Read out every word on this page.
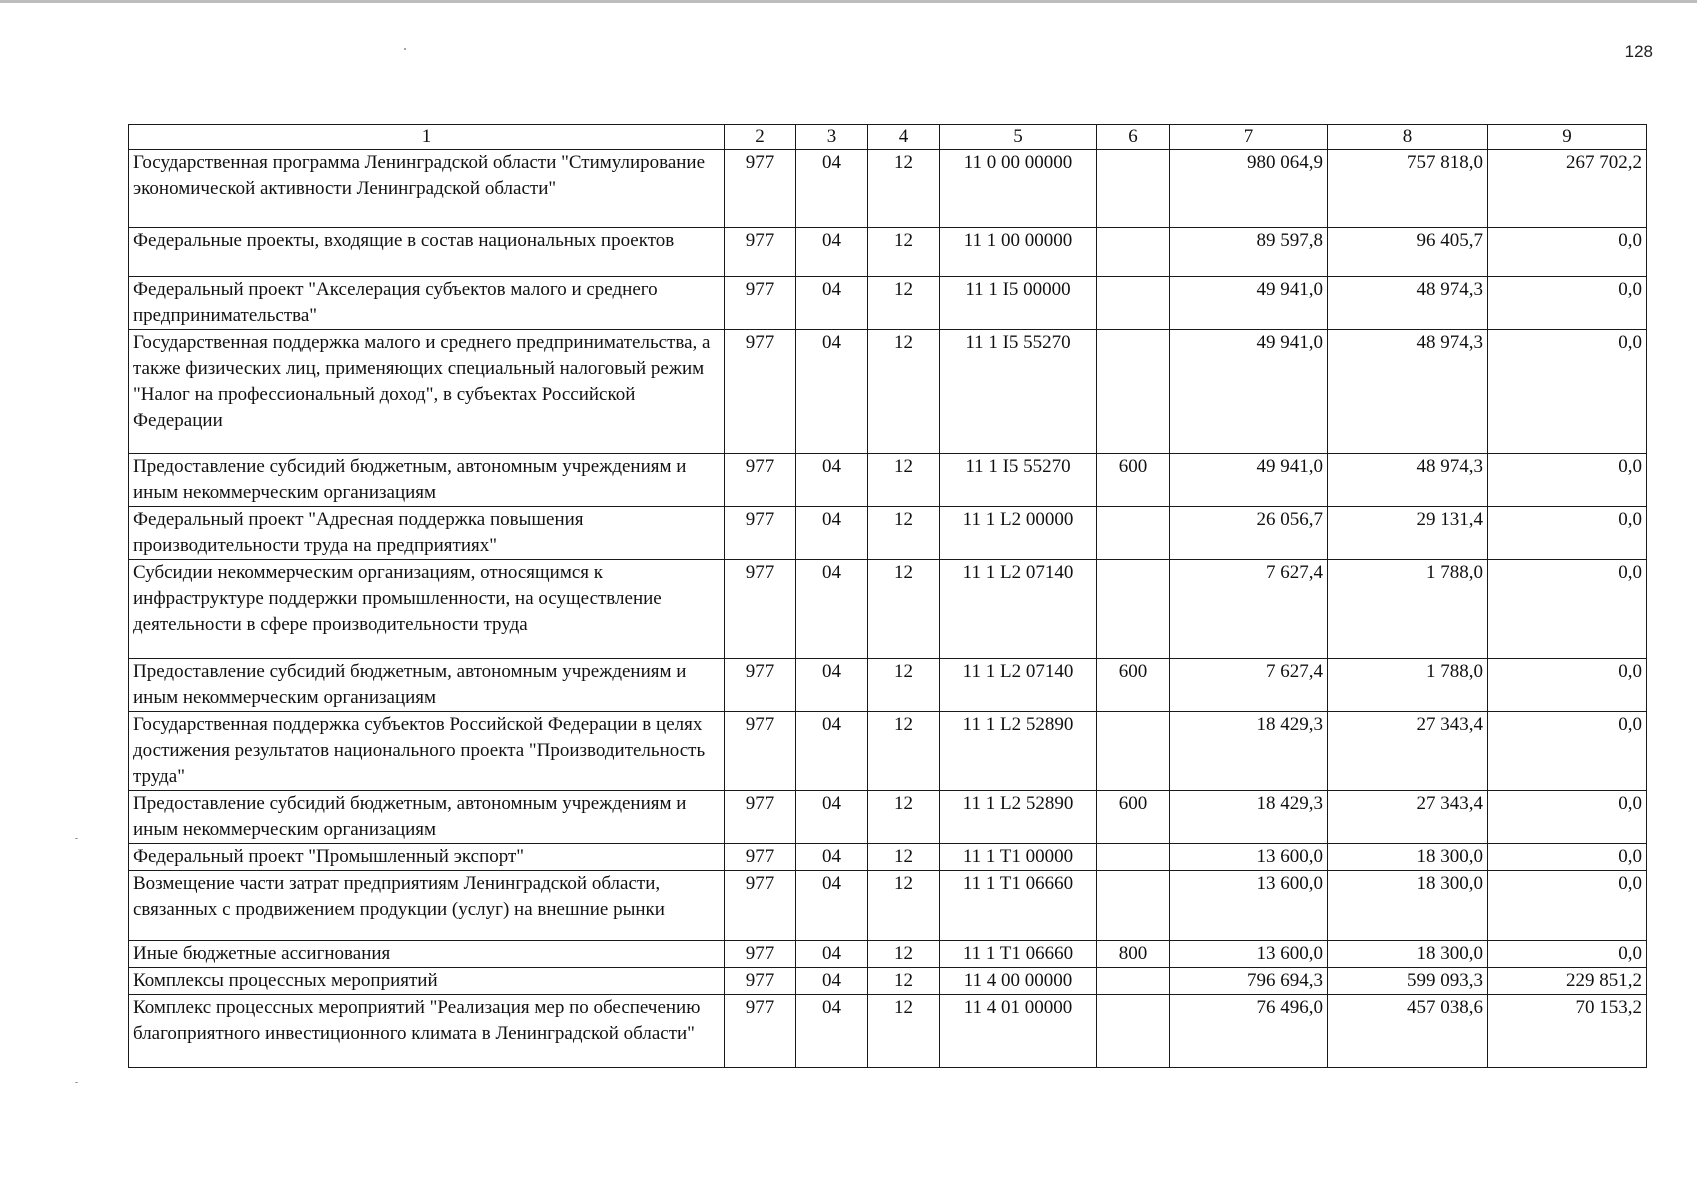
128
1	2	3	4	5	6	7	8	9
Государственная программа Ленинградской области "Стимулирование экономической активности Ленинградской области"	977	04	12	11 0 00 00000		980 064,9	757 818,0	267 702,2
Федеральные проекты, входящие в состав национальных проектов	977	04	12	11 1 00 00000		89 597,8	96 405,7	0,0
Федеральный проект "Акселерация субъектов малого и среднего предпринимательства"	977	04	12	11 1 I5 00000		49 941,0	48 974,3	0,0
Государственная поддержка малого и среднего предпринимательства, а также физических лиц, применяющих специальный налоговый режим "Налог на профессиональный доход", в субъектах Российской Федерации	977	04	12	11 1 I5 55270		49 941,0	48 974,3	0,0
Предоставление субсидий бюджетным, автономным учреждениям и иным некоммерческим организациям	977	04	12	11 1 I5 55270	600	49 941,0	48 974,3	0,0
Федеральный проект "Адресная поддержка повышения производительности труда на предприятиях"	977	04	12	11 1 L2 00000		26 056,7	29 131,4	0,0
Субсидии некоммерческим организациям, относящимся к инфраструктуре поддержки промышленности, на осуществление деятельности в сфере производительности труда	977	04	12	11 1 L2 07140		7 627,4	1 788,0	0,0
Предоставление субсидий бюджетным, автономным учреждениям и иным некоммерческим организациям	977	04	12	11 1 L2 07140	600	7 627,4	1 788,0	0,0
Государственная поддержка субъектов Российской Федерации в целях достижения результатов национального проекта "Производительность труда"	977	04	12	11 1 L2 52890		18 429,3	27 343,4	0,0
Предоставление субсидий бюджетным, автономным учреждениям и иным некоммерческим организациям	977	04	12	11 1 L2 52890	600	18 429,3	27 343,4	0,0
Федеральный проект "Промышленный экспорт"	977	04	12	11 1 T1 00000		13 600,0	18 300,0	0,0
Возмещение части затрат предприятиям Ленинградской области, связанных с продвижением продукции (услуг) на внешние рынки	977	04	12	11 1 T1 06660		13 600,0	18 300,0	0,0
Иные бюджетные ассигнования	977	04	12	11 1 T1 06660	800	13 600,0	18 300,0	0,0
Комплексы процессных мероприятий	977	04	12	11 4 00 00000		796 694,3	599 093,3	229 851,2
Комплекс процессных мероприятий "Реализация мер по обеспечению благоприятного инвестиционного климата в Ленинградской области"	977	04	12	11 4 01 00000		76 496,0	457 038,6	70 153,2
